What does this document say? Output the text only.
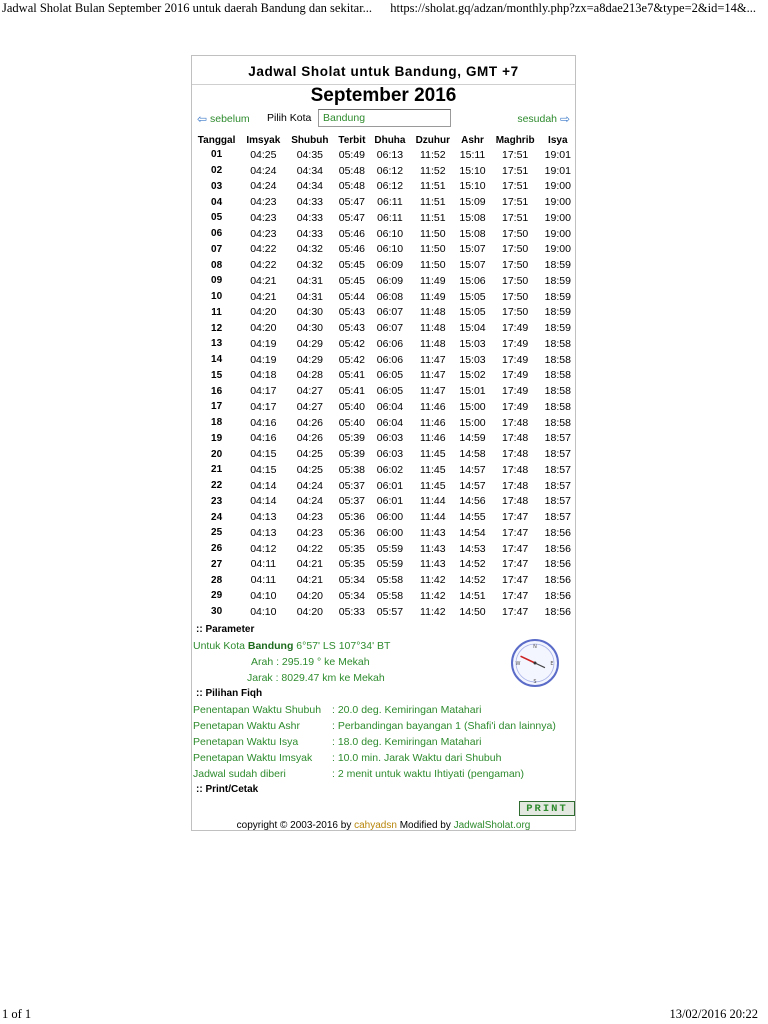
Jadwal Sholat Bulan September 2016 untuk daerah Bandung dan sekitar... https://sholat.gq/adzan/monthly.php?zx=a8dae213e7&type=2&id=14&...
Jadwal Sholat untuk Bandung, GMT +7
September 2016
⇦ sebelum Pilih Kota
Bandung	sesudah ⇨
Tanggal	Imsyak	Shubuh	Terbit	Dhuha	Dzuhur	Ashr	Maghrib	Isya
01	04:25	04:35	05:49	06:13	11:52	15:11	17:51	19:01
02	04:24	04:34	05:48	06:12	11:52	15:10	17:51	19:01
03	04:24	04:34	05:48	06:12	11:51	15:10	17:51	19:00
04	04:23	04:33	05:47	06:11	11:51	15:09	17:51	19:00
05	04:23	04:33	05:47	06:11	11:51	15:08	17:51	19:00
06	04:23	04:33	05:46	06:10	11:50	15:08	17:50	19:00
07	04:22	04:32	05:46	06:10	11:50	15:07	17:50	19:00
08	04:22	04:32	05:45	06:09	11:50	15:07	17:50	18:59
09	04:21	04:31	05:45	06:09	11:49	15:06	17:50	18:59
10	04:21	04:31	05:44	06:08	11:49	15:05	17:50	18:59
11	04:20	04:30	05:43	06:07	11:48	15:05	17:50	18:59
12	04:20	04:30	05:43	06:07	11:48	15:04	17:49	18:59
13	04:19	04:29	05:42	06:06	11:48	15:03	17:49	18:58
14	04:19	04:29	05:42	06:06	11:47	15:03	17:49	18:58
15	04:18	04:28	05:41	06:05	11:47	15:02	17:49	18:58
16	04:17	04:27	05:41	06:05	11:47	15:01	17:49	18:58
17	04:17	04:27	05:40	06:04	11:46	15:00	17:49	18:58
18	04:16	04:26	05:40	06:04	11:46	15:00	17:48	18:58
19	04:16	04:26	05:39	06:03	11:46	14:59	17:48	18:57
20	04:15	04:25	05:39	06:03	11:45	14:58	17:48	18:57
21	04:15	04:25	05:38	06:02	11:45	14:57	17:48	18:57
22	04:14	04:24	05:37	06:01	11:45	14:57	17:48	18:57
23	04:14	04:24	05:37	06:01	11:44	14:56	17:48	18:57
24	04:13	04:23	05:36	06:00	11:44	14:55	17:47	18:57
25	04:13	04:23	05:36	06:00	11:43	14:54	17:47	18:56
26	04:12	04:22	05:35	05:59	11:43	14:53	17:47	18:56
27	04:11	04:21	05:35	05:59	11:43	14:52	17:47	18:56
28	04:11	04:21	05:34	05:58	11:42	14:52	17:47	18:56
29	04:10	04:20	05:34	05:58	11:42	14:51	17:47	18:56
30	04:10	04:20	05:33	05:57	11:42	14:50	17:47	18:56
:: Parameter
Untuk Kota Bandung 6°57' LS 107°34' BT
Arah : 295.19 ° ke Mekah
Jarak : 8029.47 km ke Mekah
N
S
E
W
:: Pilihan Fiqh
Penentapan Waktu Shubuh : 20.0 deg. Kemiringan Matahari
Penetapan Waktu Ashr	: Perbandingan bayangan 1 (Shafi'i dan lainnya)
Penetapan Waktu Isya	: 18.0 deg. Kemiringan Matahari
Penetapan Waktu Imsyak : 10.0 min. Jarak Waktu dari Shubuh
Jadwal sudah diberi	: 2 menit untuk waktu Ihtiyati (pengaman)
:: Print/Cetak
PRINT
copyright © 2003-2016 by cahyadsn Modified by JadwalSholat.org
1 of 1	13/02/2016 20:22
